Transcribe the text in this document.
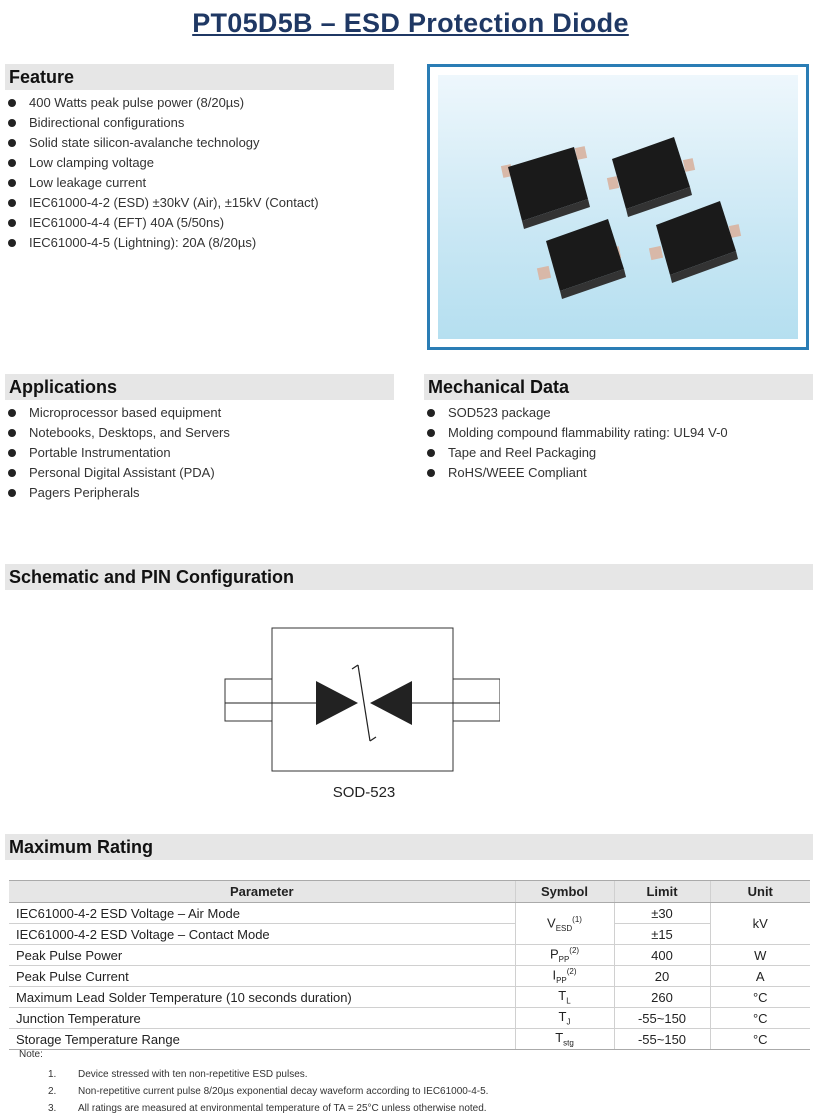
PT05D5B – ESD Protection Diode
Feature
400 Watts peak pulse power (8/20µs)
Bidirectional configurations
Solid state silicon-avalanche technology
Low clamping voltage
Low leakage current
IEC61000-4-2 (ESD) ±30kV (Air), ±15kV (Contact)
IEC61000-4-4 (EFT) 40A (5/50ns)
IEC61000-4-5 (Lightning): 20A (8/20µs)
Applications
Microprocessor based equipment
Notebooks, Desktops, and Servers
Portable Instrumentation
Personal Digital Assistant (PDA)
Pagers Peripherals
Mechanical Data
SOD523 package
Molding compound flammability rating: UL94 V-0
Tape and Reel Packaging
RoHS/WEEE Compliant
Schematic and PIN Configuration
SOD-523
Maximum Rating
Parameter	Symbol	Limit	Unit
IEC61000-4-2 ESD Voltage – Air Mode	$V_{ESD}^{(1)}$	±30	kV
IEC61000-4-2 ESD Voltage – Contact Mode		±15	
Peak Pulse Power	$P_{PP}^{(2)}$	400	W
Peak Pulse Current	$I_{PP}^{(2)}$	20	A
Maximum Lead Solder Temperature (10 seconds duration)	$T_L$	260	°C
Junction Temperature	$T_J$	-55~150	°C
Storage Temperature Range	$T_{stg}$	-55~150	°C
Note:
1. Device stressed with ten non-repetitive ESD pulses.
2. Non-repetitive current pulse 8/20µs exponential decay waveform according to IEC61000-4-5.
3. All ratings are measured at environmental temperature of TA = 25°C unless otherwise noted.
